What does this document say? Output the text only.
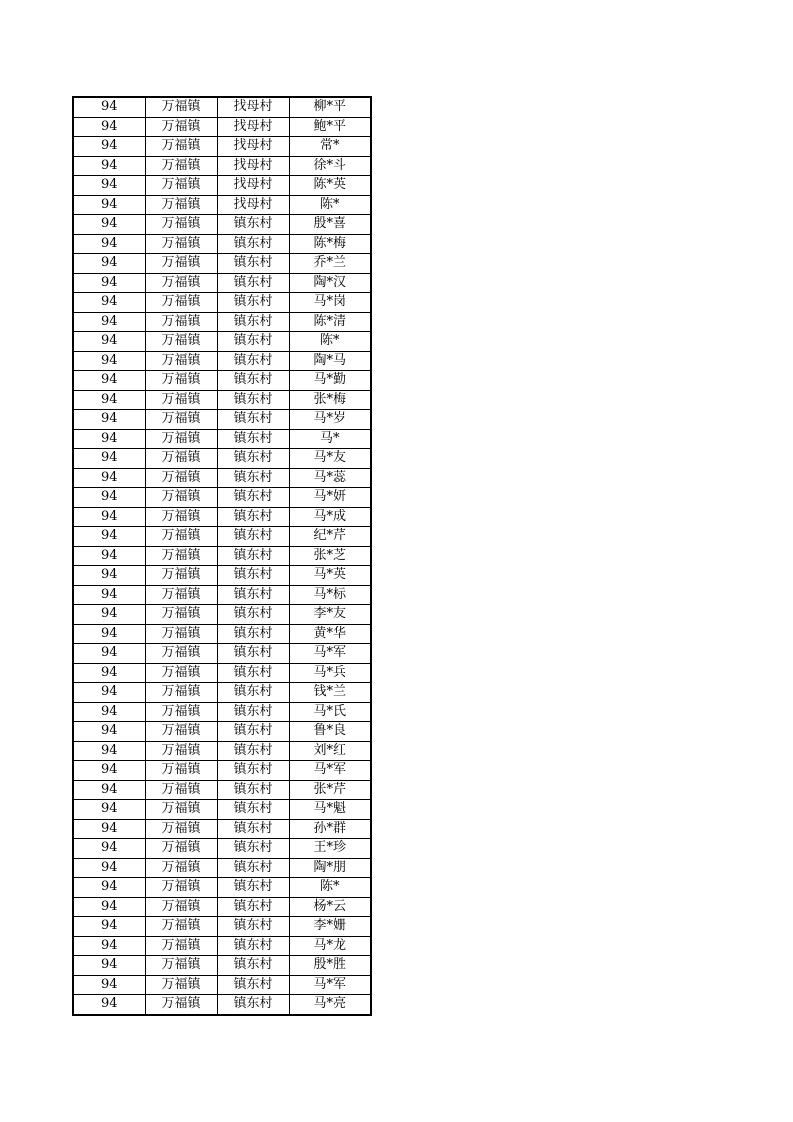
94	万福镇	找母村	柳*平
94	万福镇	找母村	鲍*平
94	万福镇	找母村	常*
94	万福镇	找母村	徐*斗
94	万福镇	找母村	陈*英
94	万福镇	找母村	陈*
94	万福镇	镇东村	殷*喜
94	万福镇	镇东村	陈*梅
94	万福镇	镇东村	乔*兰
94	万福镇	镇东村	陶*汉
94	万福镇	镇东村	马*岗
94	万福镇	镇东村	陈*清
94	万福镇	镇东村	陈*
94	万福镇	镇东村	陶*马
94	万福镇	镇东村	马*勤
94	万福镇	镇东村	张*梅
94	万福镇	镇东村	马*岁
94	万福镇	镇东村	马*
94	万福镇	镇东村	马*友
94	万福镇	镇东村	马*蕊
94	万福镇	镇东村	马*妍
94	万福镇	镇东村	马*成
94	万福镇	镇东村	纪*芹
94	万福镇	镇东村	张*芝
94	万福镇	镇东村	马*英
94	万福镇	镇东村	马*标
94	万福镇	镇东村	李*友
94	万福镇	镇东村	黄*华
94	万福镇	镇东村	马*军
94	万福镇	镇东村	马*兵
94	万福镇	镇东村	钱*兰
94	万福镇	镇东村	马*氏
94	万福镇	镇东村	鲁*良
94	万福镇	镇东村	刘*红
94	万福镇	镇东村	马*军
94	万福镇	镇东村	张*芹
94	万福镇	镇东村	马*魁
94	万福镇	镇东村	孙*群
94	万福镇	镇东村	王*珍
94	万福镇	镇东村	陶*朋
94	万福镇	镇东村	陈*
94	万福镇	镇东村	杨*云
94	万福镇	镇东村	李*姗
94	万福镇	镇东村	马*龙
94	万福镇	镇东村	殷*胜
94	万福镇	镇东村	马*军
94	万福镇	镇东村	马*亮
